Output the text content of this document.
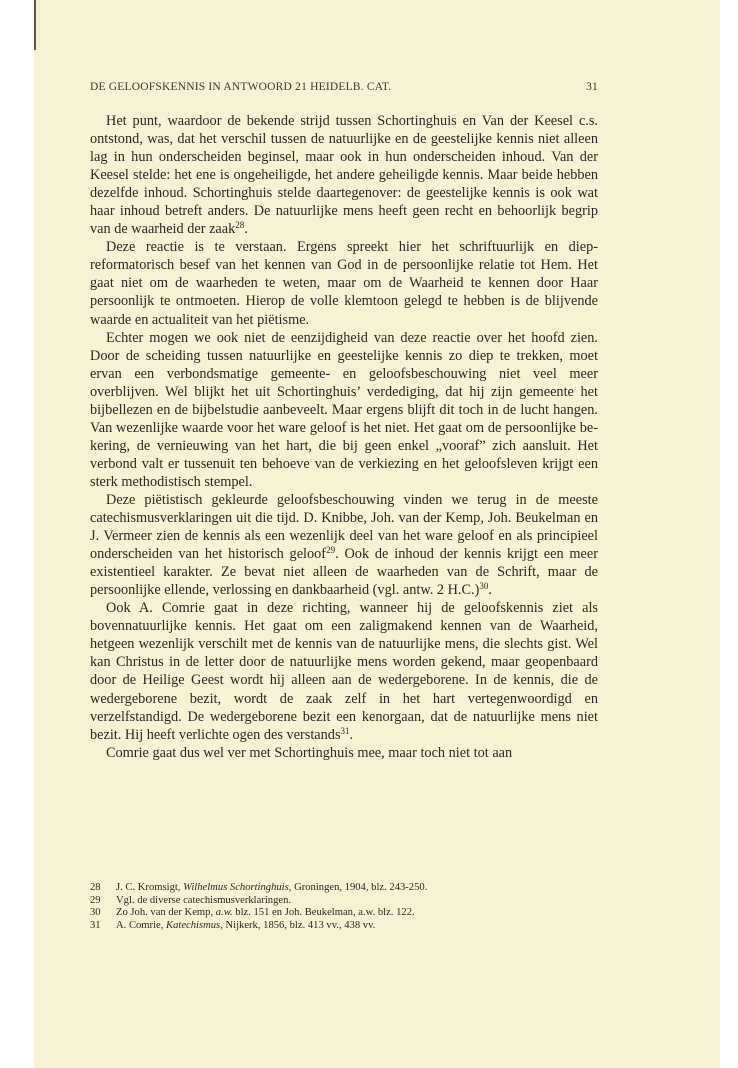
DE GELOOFSKENNIS IN ANTWOORD 21 HEIDELB. CAT.	31

Het punt, waardoor de bekende strijd tussen Schortinghuis en Van der Keesel c.s. ontstond, was, dat het verschil tussen de natuurlijke en de geestelijke kennis niet alleen lag in hun onderscheiden beginsel, maar ook in hun onderscheiden inhoud. Van der Keesel stelde: het ene is ongeheiligde, het andere geheiligde kennis. Maar beide hebben dezelfde inhoud. Schortinghuis stelde daartegenover: de geestelijke kennis is ook wat haar inhoud betreft anders. De natuurlijke mens heeft geen recht en behoorlijk begrip van de waarheid der zaak$^{28}$.

Deze reactie is te verstaan. Ergens spreekt hier het schriftuurlijk en diepreformatorisch besef van het kennen van God in de persoonlijke relatie tot Hem. Het gaat niet om de waarheden te weten, maar om de Waarheid te kennen door Haar persoonlijk te ontmoeten. Hierop de volle klemtoon gelegd te hebben is de blijvende waarde en actualiteit van het piëtisme.

Echter mogen we ook niet de eenzijdigheid van deze reactie over het hoofd zien. Door de scheiding tussen natuurlijke en geestelijke kennis zo diep te trekken, moet ervan een verbondsmatige gemeente- en geloofsbeschouwing niet veel meer overblijven. Wel blijkt het uit Schortinghuis’ verdediging, dat hij zijn gemeente het bijbellezen en de bijbelstudie aanbeveelt. Maar ergens blijft dit toch in de lucht hangen. Van wezenlijke waarde voor het ware geloof is het niet. Het gaat om de persoonlijke bekering, de vernieuwing van het hart, die bij geen enkel „vooraf” zich aansluit. Het verbond valt er tussenuit ten behoeve van de verkiezing en het geloofsleven krijgt een sterk methodistisch stempel.

Deze piëtistisch gekleurde geloofsbeschouwing vinden we terug in de meeste catechismusverklaringen uit die tijd. D. Knibbe, Joh. van der Kemp, Joh. Beukelman en J. Vermeer zien de kennis als een wezenlijk deel van het ware geloof en als principieel onderscheiden van het historisch geloof$^{29}$. Ook de inhoud der kennis krijgt een meer existentieel karakter. Ze bevat niet alleen de waarheden van de Schrift, maar de persoonlijke ellende, verlossing en dankbaarheid (vgl. antw. 2 H.C.)$^{30}$.

Ook A. Comrie gaat in deze richting, wanneer hij de geloofskennis ziet als bovennatuurlijke kennis. Het gaat om een zaligmakend kennen van de Waarheid, hetgeen wezenlijk verschilt met de kennis van de natuurlijke mens, die slechts gist. Wel kan Christus in de letter door de natuurlijke mens worden gekend, maar geopenbaard door de Heilige Geest wordt hij alleen aan de wedergeborene. In de kennis, die de wedergeborene bezit, wordt de zaak zelf in het hart vertegenwoordigd en verzelfstandigd. De wedergeborene bezit een kenorgaan, dat de natuurlijke mens niet bezit. Hij heeft verlichte ogen des verstands$^{31}$.

Comrie gaat dus wel ver met Schortinghuis mee, maar toch niet tot aan

28	J. C. Kromsigt, Wilhelmus Schortinghuis, Groningen, 1904, blz. 243-250.

29	Vgl. de diverse catechismusverklaringen.

30	Zo Joh. van der Kemp, a.w. blz. 151 en Joh. Beukelman, a.w. blz. 122.

31	A. Comrie, Katechismus, Nijkerk, 1856, blz. 413 vv., 438 vv.
